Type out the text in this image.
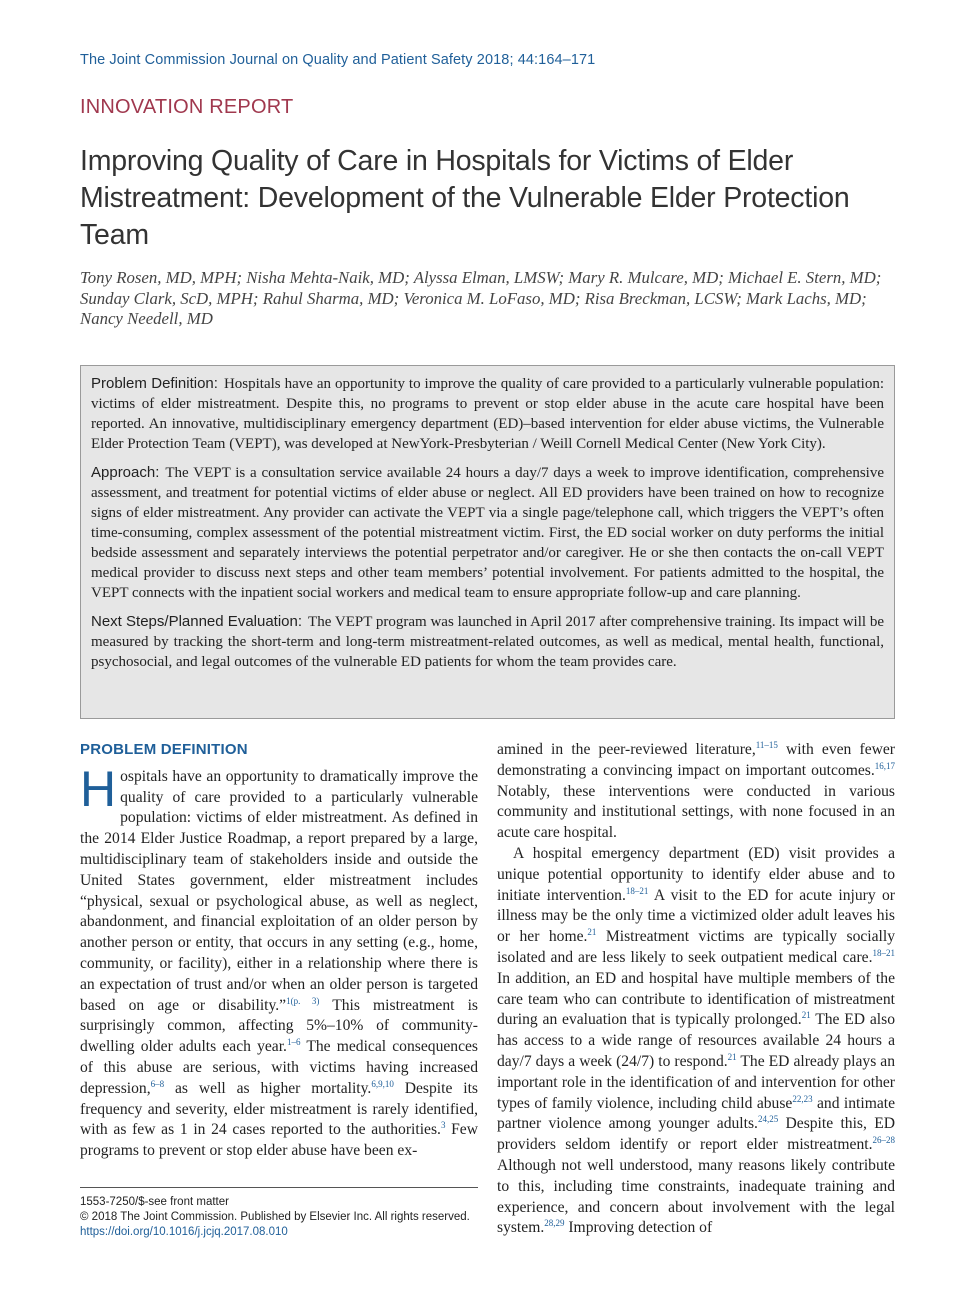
The Joint Commission Journal on Quality and Patient Safety 2018; 44:164–171
INNOVATION REPORT
Improving Quality of Care in Hospitals for Victims of Elder Mistreatment: Development of the Vulnerable Elder Protection Team
Tony Rosen, MD, MPH; Nisha Mehta-Naik, MD; Alyssa Elman, LMSW; Mary R. Mulcare, MD; Michael E. Stern, MD; Sunday Clark, ScD, MPH; Rahul Sharma, MD; Veronica M. LoFaso, MD; Risa Breckman, LCSW; Mark Lachs, MD; Nancy Needell, MD

Problem Definition: Hospitals have an opportunity to improve the quality of care provided to a particularly vulnerable population: victims of elder mistreatment. Despite this, no programs to prevent or stop elder abuse in the acute care hospital have been reported. An innovative, multidisciplinary emergency department (ED)–based intervention for elder abuse victims, the Vulnerable Elder Protection Team (VEPT), was developed at NewYork-Presbyterian / Weill Cornell Medical Center (New York City).

Approach: The VEPT is a consultation service available 24 hours a day/7 days a week to improve identification, comprehensive assessment, and treatment for potential victims of elder abuse or neglect. All ED providers have been trained on how to recognize signs of elder mistreatment. Any provider can activate the VEPT via a single page/telephone call, which triggers the VEPT’s often time-consuming, complex assessment of the potential mistreatment victim. First, the ED social worker on duty performs the initial bedside assessment and separately interviews the potential perpetrator and/or caregiver. He or she then contacts the on-call VEPT medical provider to discuss next steps and other team members’ potential involvement. For patients admitted to the hospital, the VEPT connects with the inpatient social workers and medical team to ensure appropriate follow-up and care planning.

Next Steps/Planned Evaluation: The VEPT program was launched in April 2017 after comprehensive training. Its impact will be measured by tracking the short-term and long-term mistreatment-related outcomes, as well as medical, mental health, functional, psychosocial, and legal outcomes of the vulnerable ED patients for whom the team provides care.

PROBLEM DEFINITION

Hospitals have an opportunity to dramatically improve the quality of care provided to a particularly vulnerable population: victims of elder mistreatment. As defined in the 2014 Elder Justice Roadmap, a report prepared by a large, multidisciplinary team of stakeholders inside and outside the United States government, elder mistreatment includes “physical, sexual or psychological abuse, as well as neglect, abandonment, and financial exploitation of an older person by another person or entity, that occurs in any setting (e.g., home, community, or facility), either in a relationship where there is an expectation of trust and/or when an older person is targeted based on age or disability.”$^{1(p. 3)}$ This mistreatment is surprisingly common, affecting 5%–10% of community-dwelling older adults each year.$^{1-6}$ The medical consequences of this abuse are serious, with victims having increased depression,$^{6-8}$ as well as higher mortality.$^{6,9,10}$ Despite its frequency and severity, elder mistreatment is rarely identified, with as few as 1 in 24 cases reported to the authorities.$^3$ Few programs to prevent or stop elder abuse have been ex-

amined in the peer-reviewed literature,$^{11-15}$ with even fewer demonstrating a convincing impact on important outcomes.$^{16,17}$ Notably, these interventions were conducted in various community and institutional settings, with none focused in an acute care hospital.

A hospital emergency department (ED) visit provides a unique potential opportunity to identify elder abuse and to initiate intervention.$^{18-21}$ A visit to the ED for acute injury or illness may be the only time a victimized older adult leaves his or her home.$^{21}$ Mistreatment victims are typically socially isolated and are less likely to seek outpatient medical care.$^{18-21}$ In addition, an ED and hospital have multiple members of the care team who can contribute to identification of mistreatment during an evaluation that is typically prolonged.$^{21}$ The ED also has access to a wide range of resources available 24 hours a day/7 days a week (24/7) to respond.$^{21}$ The ED already plays an important role in the identification of and intervention for other types of family violence, including child abuse$^{22,23}$ and intimate partner violence among younger adults.$^{24,25}$ Despite this, ED providers seldom identify or report elder mistreatment.$^{26-28}$ Although not well understood, many reasons likely contribute to this, including time constraints, inadequate training and experience, and concern about involvement with the legal system.$^{28,29}$ Improving detection of

1553-7250/$-see front matter
© 2018 The Joint Commission. Published by Elsevier Inc. All rights reserved.
https://doi.org/10.1016/j.jcjq.2017.08.010
